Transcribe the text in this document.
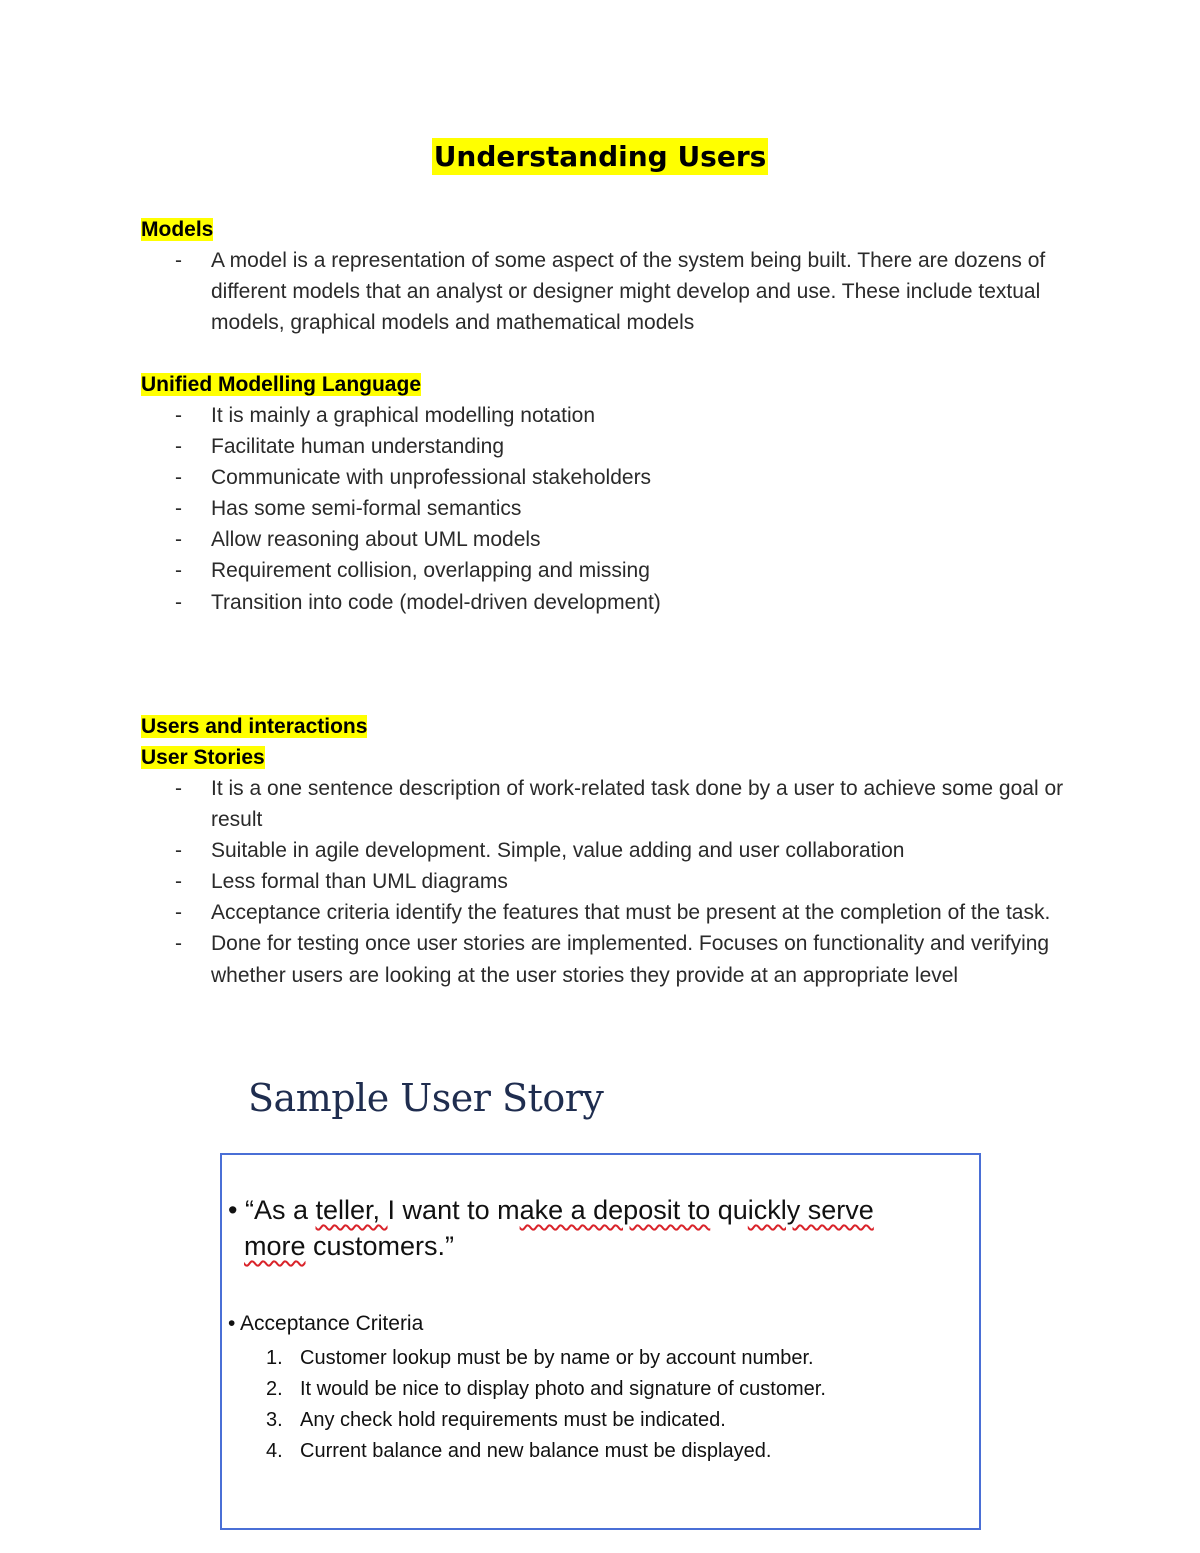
Understanding Users
Models
- A model is a representation of some aspect of the system being built. There are dozens of different models that an analyst or designer might develop and use. These include textual models, graphical models and mathematical models
Unified Modelling Language
- It is mainly a graphical modelling notation
- Facilitate human understanding
- Communicate with unprofessional stakeholders
- Has some semi-formal semantics
- Allow reasoning about UML models
- Requirement collision, overlapping and missing
- Transition into code (model-driven development)
Users and interactions
User Stories
- It is a one sentence description of work-related task done by a user to achieve some goal or result
- Suitable in agile development. Simple, value adding and user collaboration
- Less formal than UML diagrams
- Acceptance criteria identify the features that must be present at the completion of the task.
- Done for testing once user stories are implemented. Focuses on functionality and verifying whether users are looking at the user stories they provide at an appropriate level
Sample User Story
• “As a teller, I want to make a deposit to quickly serve
more customers.”
• Acceptance Criteria
1. Customer lookup must be by name or by account number.
2. It would be nice to display photo and signature of customer.
3. Any check hold requirements must be indicated.
4. Current balance and new balance must be displayed.
